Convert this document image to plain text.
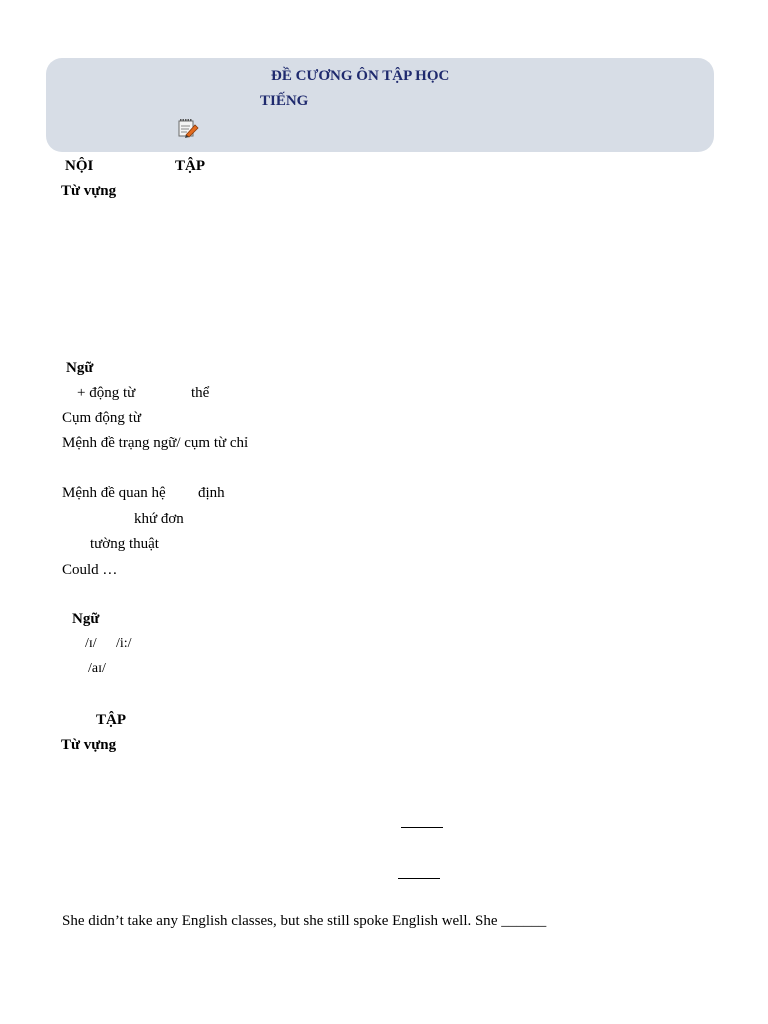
ĐỀ CƯƠNG ÔN TẬP HỌC
TIẾNG
NỘI	TẬP
Từ vựng
Ngữ
+ động từ	thể
Cụm động từ
Mệnh đề trạng ngữ/ cụm từ chỉ
Mệnh đề quan hệ định
khứ đơn
tường thuật
Could …
Ngữ
/ɪ/ /i:/
/aɪ/
TẬP
Từ vựng
She didn’t take any English classes, but she still spoke English well. She ______
